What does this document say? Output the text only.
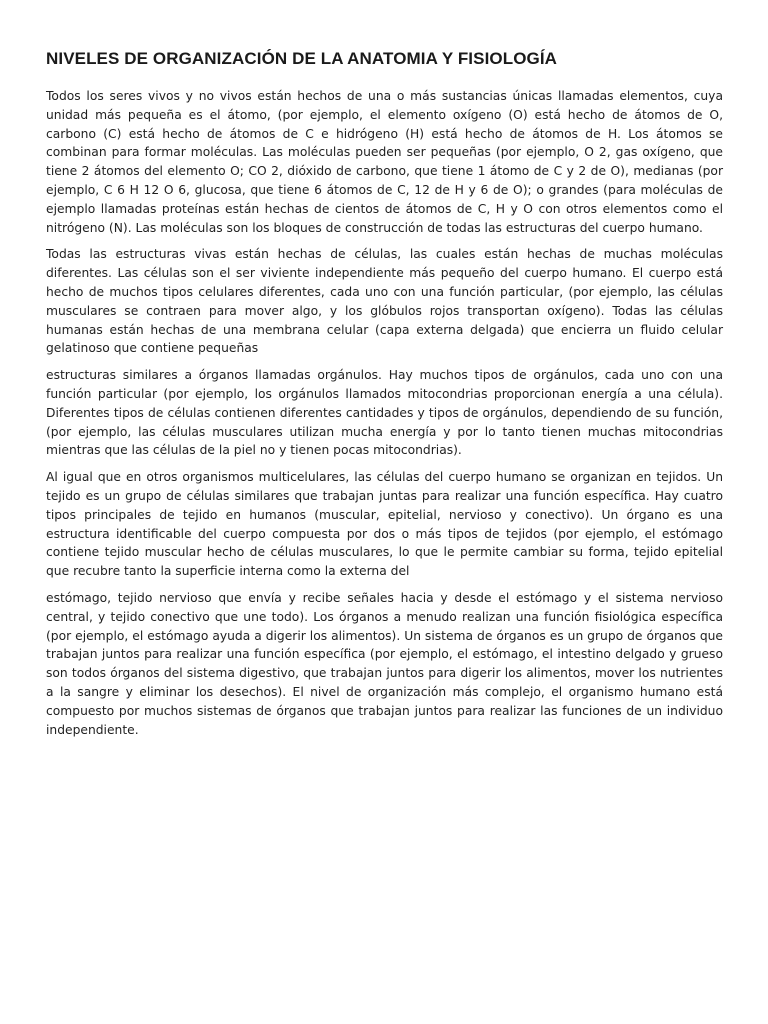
NIVELES DE ORGANIZACIÓN DE LA ANATOMIA Y FISIOLOGÍA

Todos los seres vivos y no vivos están hechos de una o más sustancias únicas llamadas elementos, cuya unidad más pequeña es el átomo, (por ejemplo, el elemento oxígeno (O) está hecho de átomos de O, carbono (C) está hecho de átomos de C e hidrógeno (H) está hecho de átomos de H. Los átomos se combinan para formar moléculas. Las moléculas pueden ser pequeñas (por ejemplo, O 2, gas oxígeno, que tiene 2 átomos del elemento O; CO 2, dióxido de carbono, que tiene 1 átomo de C y 2 de O), medianas (por ejemplo, C 6 H 12 O 6, glucosa, que tiene 6 átomos de C, 12 de H y 6 de O); o grandes (para moléculas de ejemplo llamadas proteínas están hechas de cientos de átomos de C, H y O con otros elementos como el nitrógeno (N). Las moléculas son los bloques de construcción de todas las estructuras del cuerpo humano.

Todas las estructuras vivas están hechas de células, las cuales están hechas de muchas moléculas diferentes. Las células son el ser viviente independiente más pequeño del cuerpo humano. El cuerpo está hecho de muchos tipos celulares diferentes, cada uno con una función particular, (por ejemplo, las células musculares se contraen para mover algo, y los glóbulos rojos transportan oxígeno). Todas las células humanas están hechas de una membrana celular (capa externa delgada) que encierra un fluido celular gelatinoso que contiene pequeñas

estructuras similares a órganos llamadas orgánulos. Hay muchos tipos de orgánulos, cada uno con una función particular (por ejemplo, los orgánulos llamados mitocondrias proporcionan energía a una célula). Diferentes tipos de células contienen diferentes cantidades y tipos de orgánulos, dependiendo de su función, (por ejemplo, las células musculares utilizan mucha energía y por lo tanto tienen muchas mitocondrias mientras que las células de la piel no y tienen pocas mitocondrias).

Al igual que en otros organismos multicelulares, las células del cuerpo humano se organizan en tejidos. Un tejido es un grupo de células similares que trabajan juntas para realizar una función específica. Hay cuatro tipos principales de tejido en humanos (muscular, epitelial, nervioso y conectivo). Un órgano es una estructura identificable del cuerpo compuesta por dos o más tipos de tejidos (por ejemplo, el estómago contiene tejido muscular hecho de células musculares, lo que le permite cambiar su forma, tejido epitelial que recubre tanto la superficie interna como la externa del

estómago, tejido nervioso que envía y recibe señales hacia y desde el estómago y el sistema nervioso central, y tejido conectivo que une todo). Los órganos a menudo realizan una función fisiológica específica (por ejemplo, el estómago ayuda a digerir los alimentos). Un sistema de órganos es un grupo de órganos que trabajan juntos para realizar una función específica (por ejemplo, el estómago, el intestino delgado y grueso son todos órganos del sistema digestivo, que trabajan juntos para digerir los alimentos, mover los nutrientes a la sangre y eliminar los desechos). El nivel de organización más complejo, el organismo humano está compuesto por muchos sistemas de órganos que trabajan juntos para realizar las funciones de un individuo independiente.
